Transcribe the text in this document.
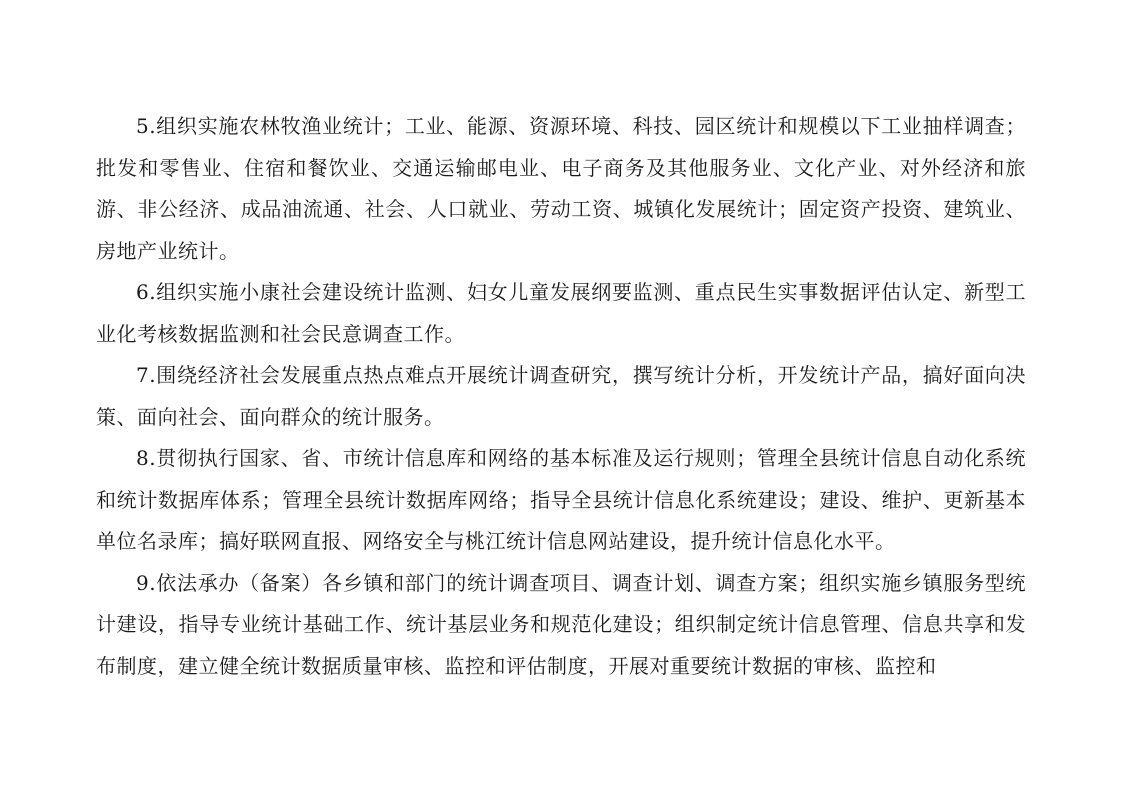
5.组织实施农林牧渔业统计；工业、能源、资源环境、科技、园区统计和规模以下工业抽样调查；批发和零售业、住宿和餐饮业、交通运输邮电业、电子商务及其他服务业、文化产业、对外经济和旅游、非公经济、成品油流通、社会、人口就业、劳动工资、城镇化发展统计；固定资产投资、建筑业、房地产业统计。

6.组织实施小康社会建设统计监测、妇女儿童发展纲要监测、重点民生实事数据评估认定、新型工业化考核数据监测和社会民意调查工作。

7.围绕经济社会发展重点热点难点开展统计调查研究，撰写统计分析，开发统计产品，搞好面向决策、面向社会、面向群众的统计服务。

8.贯彻执行国家、省、市统计信息库和网络的基本标准及运行规则；管理全县统计信息自动化系统和统计数据库体系；管理全县统计数据库网络；指导全县统计信息化系统建设；建设、维护、更新基本单位名录库；搞好联网直报、网络安全与桃江统计信息网站建设，提升统计信息化水平。

9.依法承办（备案）各乡镇和部门的统计调查项目、调查计划、调查方案；组织实施乡镇服务型统计建设，指导专业统计基础工作、统计基层业务和规范化建设；组织制定统计信息管理、信息共享和发布制度，建立健全统计数据质量审核、监控和评估制度，开展对重要统计数据的审核、监控和
